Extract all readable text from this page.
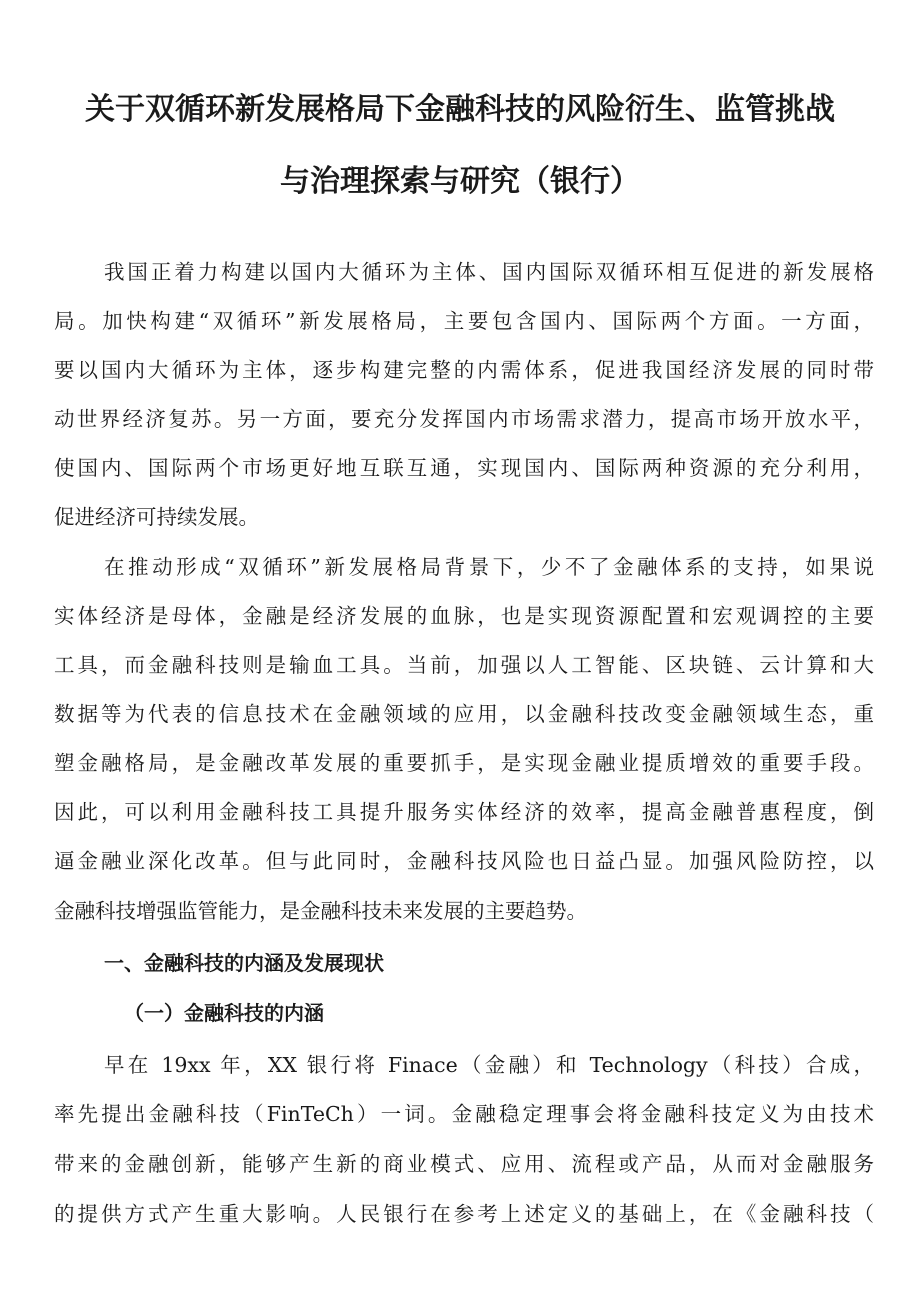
关于双循环新发展格局下金融科技的风险衍生、监管挑战
与治理探索与研究（银行）
我国正着力构建以国内大循环为主体、国内国际双循环相互促进的新发展格
局。加快构建“双循环”新发展格局，主要包含国内、国际两个方面。一方面，
要以国内大循环为主体，逐步构建完整的内需体系，促进我国经济发展的同时带
动世界经济复苏。另一方面，要充分发挥国内市场需求潜力，提高市场开放水平，
使国内、国际两个市场更好地互联互通，实现国内、国际两种资源的充分利用，
促进经济可持续发展。
在推动形成“双循环”新发展格局背景下，少不了金融体系的支持，如果说
实体经济是母体，金融是经济发展的血脉，也是实现资源配置和宏观调控的主要
工具，而金融科技则是输血工具。当前，加强以人工智能、区块链、云计算和大
数据等为代表的信息技术在金融领域的应用，以金融科技改变金融领域生态，重
塑金融格局，是金融改革发展的重要抓手，是实现金融业提质增效的重要手段。
因此，可以利用金融科技工具提升服务实体经济的效率，提高金融普惠程度，倒
逼金融业深化改革。但与此同时，金融科技风险也日益凸显。加强风险防控，以
金融科技增强监管能力，是金融科技未来发展的主要趋势。
一、金融科技的内涵及发展现状
（一）金融科技的内涵
早在 19xx 年，XX 银行将 Finace（金融）和 Technology（科技）合成，
率先提出金融科技（FinTeCh）一词。金融稳定理事会将金融科技定义为由技术
带来的金融创新，能够产生新的商业模式、应用、流程或产品，从而对金融服务
的提供方式产生重大影响。人民银行在参考上述定义的基础上，在《金融科技（
